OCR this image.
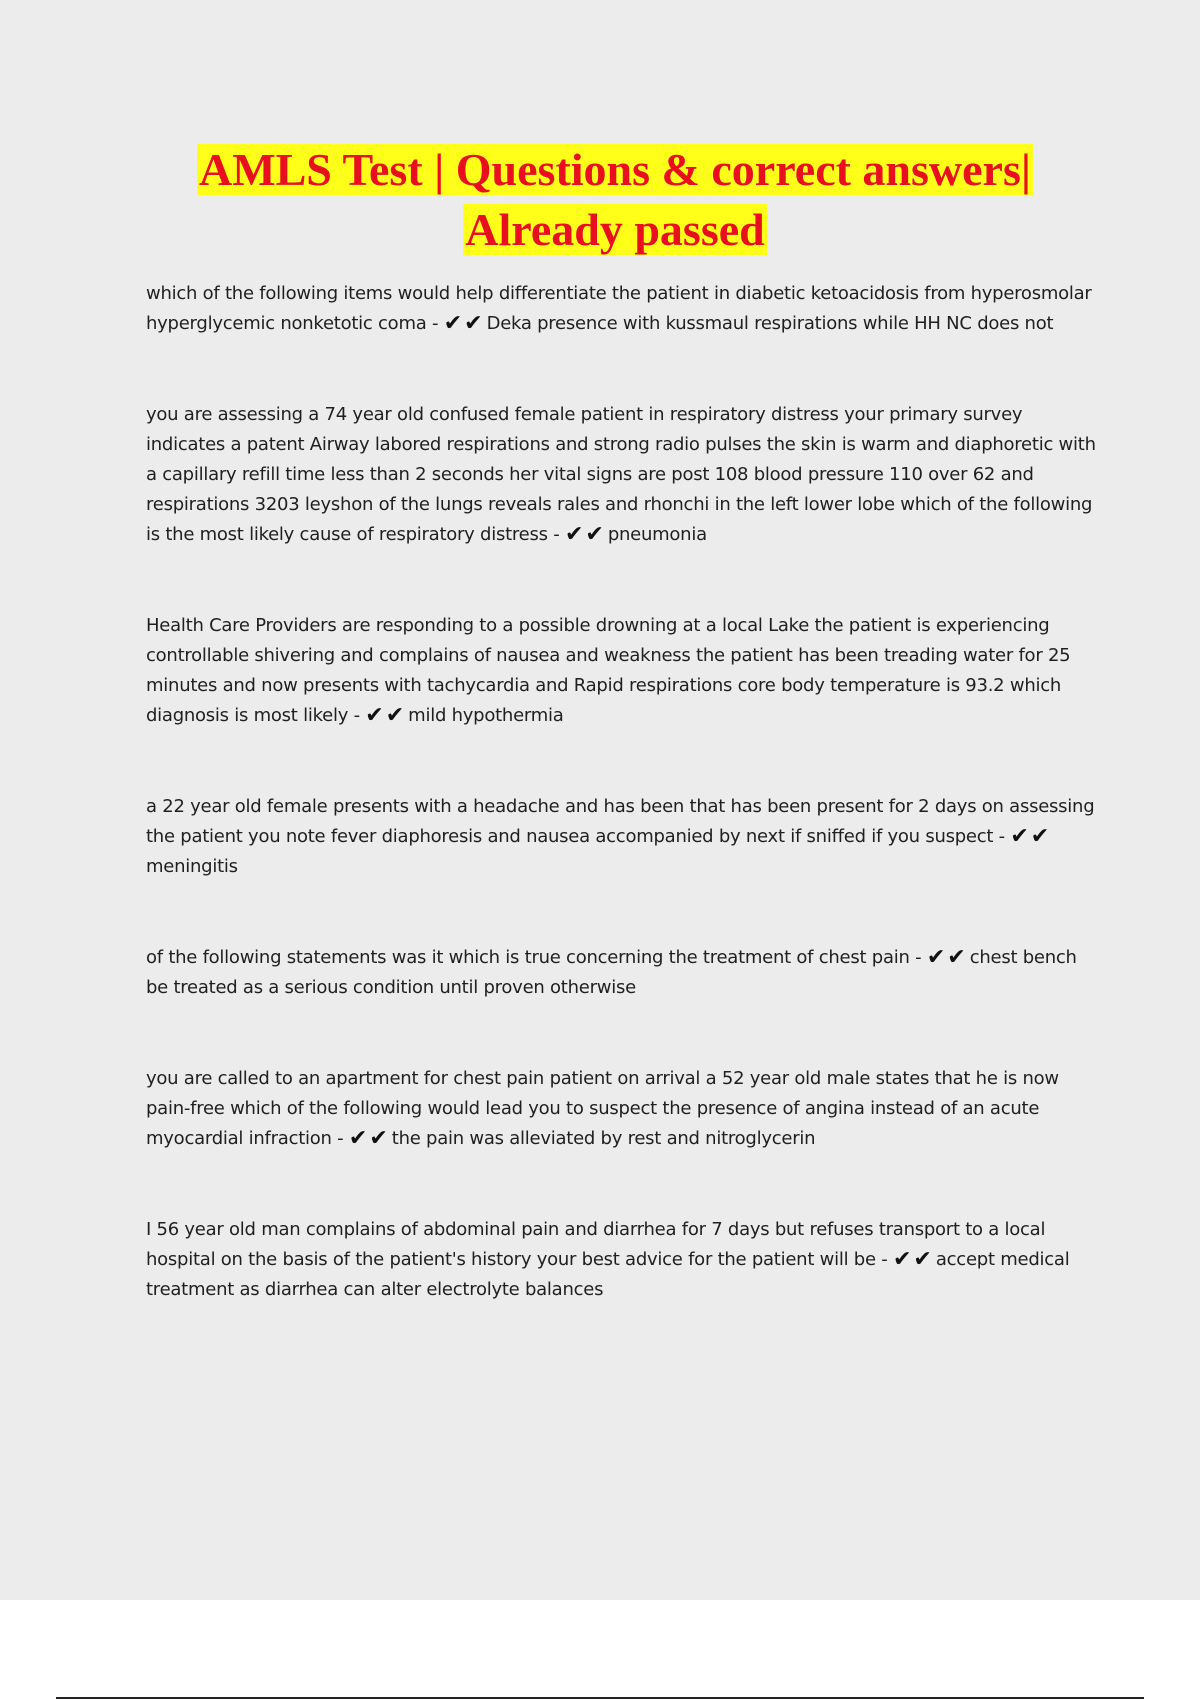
AMLS Test | Questions & correct answers|
Already passed
which of the following items would help differentiate the patient in diabetic ketoacidosis from hyperosmolar hyperglycemic nonketotic coma - ✔✔ Deka presence with kussmaul respirations while HH NC does not
you are assessing a 74 year old confused female patient in respiratory distress your primary survey indicates a patent Airway labored respirations and strong radio pulses the skin is warm and diaphoretic with a capillary refill time less than 2 seconds her vital signs are post 108 blood pressure 110 over 62 and respirations 3203 leyshon of the lungs reveals rales and rhonchi in the left lower lobe which of the following is the most likely cause of respiratory distress - ✔✔ pneumonia
Health Care Providers are responding to a possible drowning at a local Lake the patient is experiencing controllable shivering and complains of nausea and weakness the patient has been treading water for 25 minutes and now presents with tachycardia and Rapid respirations core body temperature is 93.2 which diagnosis is most likely - ✔✔ mild hypothermia
a 22 year old female presents with a headache and has been that has been present for 2 days on assessing the patient you note fever diaphoresis and nausea accompanied by next if sniffed if you suspect - ✔✔meningitis
of the following statements was it which is true concerning the treatment of chest pain - ✔✔ chest bench be treated as a serious condition until proven otherwise
you are called to an apartment for chest pain patient on arrival a 52 year old male states that he is now pain-free which of the following would lead you to suspect the presence of angina instead of an acute myocardial infraction - ✔✔ the pain was alleviated by rest and nitroglycerin
I 56 year old man complains of abdominal pain and diarrhea for 7 days but refuses transport to a local hospital on the basis of the patient's history your best advice for the patient will be - ✔✔ accept medical treatment as diarrhea can alter electrolyte balances
